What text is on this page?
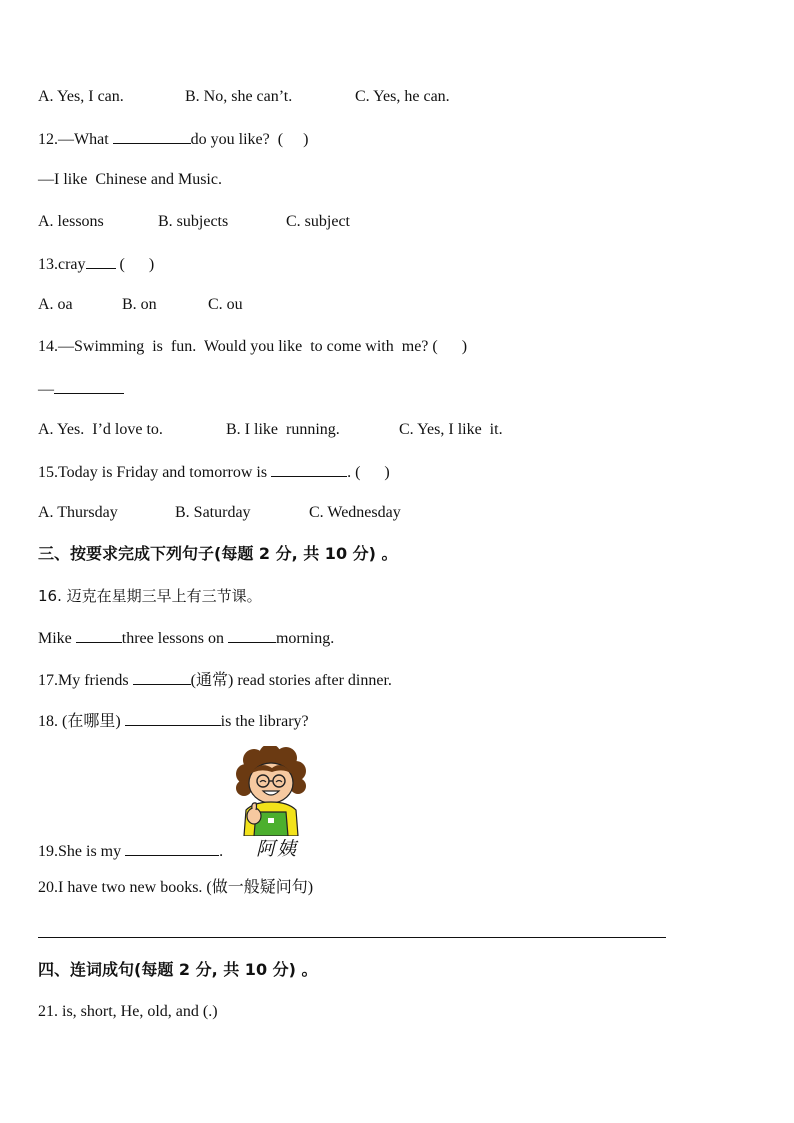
A. Yes, I can.	B. No, she can’t.	C. Yes, he can.
12.—What	do you like?  (     )
—I like  Chinese and Music.
A. lessons	B. subjects	C. subject
13.cray (      )
A. oa	B. on	C. ou
14.—Swimming  is  fun.  Would you like  to come with  me? (      )
—
A. Yes.  I’d love to.	B. I like  running.	C. Yes, I like  it.
15.Today is Friday and tomorrow is	. (      )
A. Thursday	B. Saturday	C. Wednesday
三、按要求完成下列句子(每题 2 分, 共 10 分) 。
16. 迈克在星期三早上有三节课。
Mike	three lessons on	morning.
17.My friends	(通常) read stories after dinner.
18. (在哪里)	is the library?
阿姨
19.She is my	.
20.I have two new books. (做一般疑问句)
四、连词成句(每题 2 分, 共 10 分) 。
21. is, short, He, old, and (.)
